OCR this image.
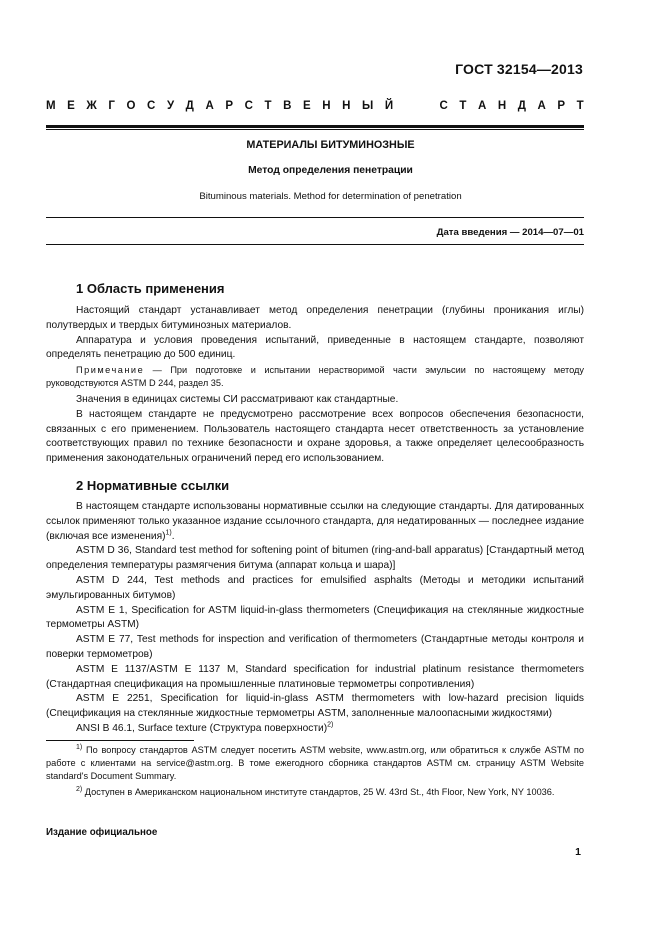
ГОСТ 32154—2013
М Е Ж Г О С У Д А Р С Т В Е Н Н Ы Й	С Т А Н Д А Р Т
МАТЕРИАЛЫ БИТУМИНОЗНЫЕ
Метод определения пенетрации
Bituminous materials. Method for determination of penetration
Дата введения — 2014—07—01
1 Область применения

Настоящий стандарт устанавливает метод определения пенетрации (глубины проникания иглы) полутвердых и твердых битуминозных материалов.

Аппаратура и условия проведения испытаний, приведенные в настоящем стандарте, позволяют определять пенетрацию до 500 единиц.

Примечание — При подготовке и испытании нерастворимой части эмульсии по настоящему методу руководствуются ASTM D 244, раздел 35.

Значения в единицах системы СИ рассматривают как стандартные.

В настоящем стандарте не предусмотрено рассмотрение всех вопросов обеспечения безопасности, связанных с его применением. Пользователь настоящего стандарта несет ответственность за установление соответствующих правил по технике безопасности и охране здоровья, а также определяет целесообразность применения законодательных ограничений перед его использованием.

2 Нормативные ссылки

В настоящем стандарте использованы нормативные ссылки на следующие стандарты. Для датированных ссылок применяют только указанное издание ссылочного стандарта, для недатированных — последнее издание (включая все изменения)$^{1)}$.

ASTM D 36, Standard test method for softening point of bitumen (ring-and-ball apparatus) [Стандартный метод определения температуры размягчения битума (аппарат кольца и шара)]

ASTM D 244, Test methods and practices for emulsified asphalts (Методы и методики испытаний эмульгированных битумов)

ASTM E 1, Specification for ASTM liquid-in-glass thermometers (Спецификация на стеклянные жидкостные термометры ASTM)

ASTM E 77, Test methods for inspection and verification of thermometers (Стандартные методы контроля и поверки термометров)

ASTM E 1137/ASTM E 1137 M, Standard specification for industrial platinum resistance thermometers (Стандартная спецификация на промышленные платиновые термометры сопротивления)

ASTM E 2251, Specification for liquid-in-glass ASTM thermometers with low-hazard precision liquids (Спецификация на стеклянные жидкостные термометры ASTM, заполненные малоопасными жидкостями)

ANSI B 46.1, Surface texture (Структура поверхности)$^{2)}$

$^{1)}$ По вопросу стандартов ASTM следует посетить ASTM website, www.astm.org, или обратиться к службе ASTM по работе с клиентами на service@astm.org. В томе ежегодного сборника стандартов ASTM см. страницу ASTM Website standard's Document Summary.

$^{2)}$ Доступен в Американском национальном институте стандартов, 25 W. 43rd St., 4th Floor, New York, NY 10036.

Издание официальное
1
